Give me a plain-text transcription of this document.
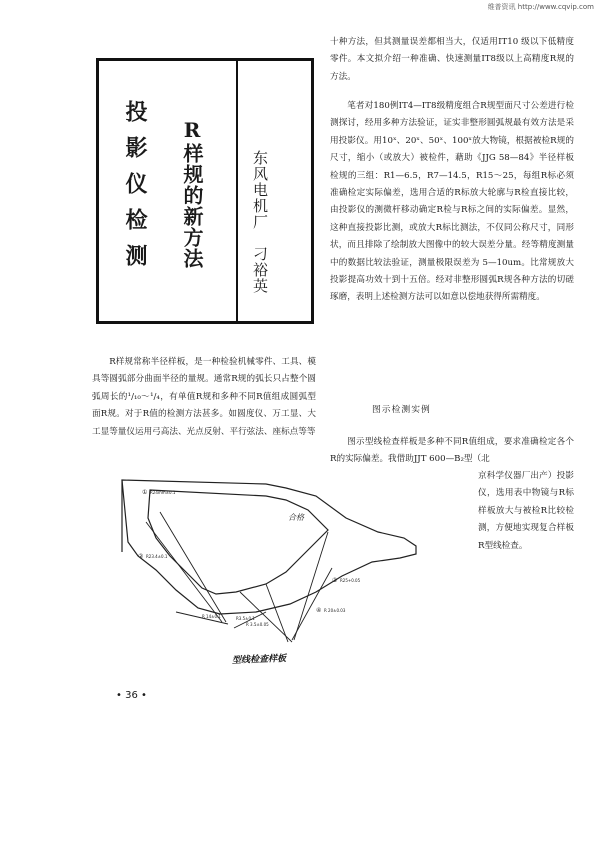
维普资讯 http://www.cqvip.com
投影仪检测 R样规的新方法	东风电机厂刁裕英

十种方法，但其测量误差都相当大，仅适用IT10 级以下低精度零件。本文拟介绍一种准确、快速测量IT8级以上高精度R规的方法。

笔者对180例IT4—IT8级精度组合R规型面尺寸公差进行检测探讨，经用多种方法验证，证实非整形圆弧规最有效方法是采用投影仪。用10ˣ、20ˣ、50ˣ、100ˣ放大物镜，根据被检R规的尺寸，缩小（或放大）被检件，藉助《JJG 58—84》半径样板检规的三组：R1—6.5，R7—14.5，R15～25，每组R标必须准确检定实际偏差，选用合适的R标放大轮廓与R检直接比较，由投影仪的测微杆移动确定R检与R标之间的实际偏差。显然，这种直接投影比测，或放大R标比测法，不仅同公称尺寸，同形状，而且排除了绘制放大图像中的较大误差分量。经等精度测量中的数据比较法验证，测量极限误差为 5—10um。比常规放大投影提高功效十到十五倍。经对非整形圆弧R规各种方法的切磋琢磨，表明上述检测方法可以如意以偿地获得所需精度。

R样规常称半径样板，是一种检验机械零件、工具、模具等圆弧部分曲面半径的量规。通常R规的弧长只占整个圆弧周长的¹/₁₀～¹/₄，有单值R规和多种不同R值组成圆弧型面R规。对于R值的检测方法甚多。如圆度仪、万工显、大工显等量仪运用弓高法、光点反射、平行弦法、座标点等等

图示检测实例

图示型线检查样板是多种不同R值组成，要求准确检定各个R的实际偏差。我借助JJT 600—B₂型（北

京科学仪器厂出产）投影仪，选用表中物镜与R标样板放大与被检R比较检测，方便地实现复合样板R型线检查。

①
②
③
④
R24mm±0.1
R23.4±0.1
R25+0.05
R 20±0.03
R 14±0.1	R3.5±0.1
R 3.5±0.05
合格
型线检查样板
• 36 •
